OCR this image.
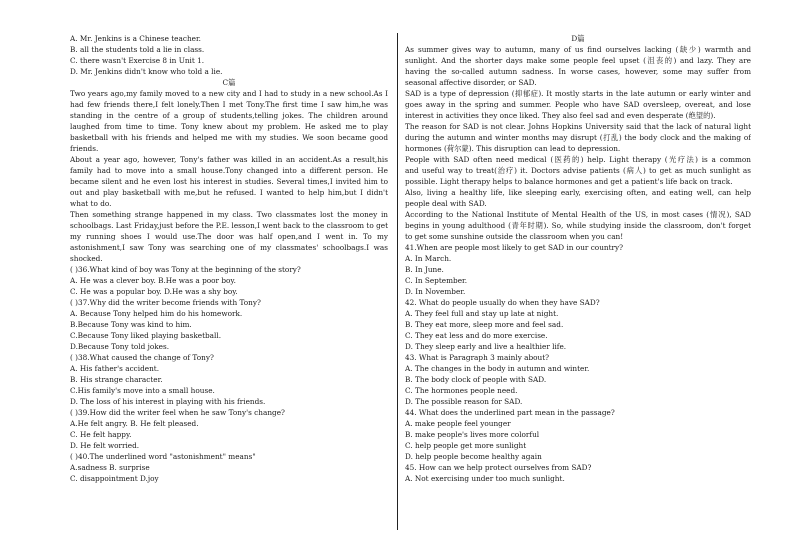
A. Mr. Jenkins is a Chinese teacher.
B. all the students told a lie in class.
C. there wasn't Exercise 8 in Unit 1.
D. Mr. Jenkins didn't know who told a lie.
C篇
Two years ago,my family moved to a new city and I had to study in a new school.As I
had few friends there,I felt lonely.Then I met Tony.The first time I saw him,he was
standing in the centre of a group of students,telling jokes. The children around
laughed from time to time. Tony knew about my problem. He asked me to play
basketball with his friends and helped me with my studies. We soon became good
friends.
About a year ago, however, Tony's father was killed in an accident.As a result,his
family had to move into a small house.Tony changed into a different person. He
became silent and he even lost his interest in studies. Several times,I invited him to
out and play basketball with me,but he refused. I wanted to help him,but I didn't
what to do.
Then something strange happened in my class. Two classmates lost the money in
schoolbags. Last Friday,just before the P.E. lesson,I went back to the classroom to get
my running shoes I would use.The door was half open,and I went in. To my
astonishment,I saw Tony was searching one of my classmates' schoolbags.I was
shocked.
( )36.What kind of boy was Tony at the beginning of the story?
A. He was a clever boy. B.He was a poor boy.
C. He was a popular boy. D.He was a shy boy.
( )37.Why did the writer become friends with Tony?
A. Because Tony helped him do his homework.
B.Because Tony was kind to him.
C.Because Tony liked playing basketball.
D.Because Tony told jokes.
( )38.What caused the change of Tony?
A. His father's accident.
B. His strange character.
C.His family's move into a small house.
D. The loss of his interest in playing with his friends.
( )39.How did the writer feel when he saw Tony's change?
A.He felt angry. B. He felt pleased.
C. He felt happy.
D. He felt worried.
( )40.The underlined word "astonishment" means"
A.sadness B. surprise
C. disappointment D.joy
D篇
As summer gives way to autumn, many of us find ourselves lacking (缺少) warmth and
sunlight. And the shorter days make some people feel upset (沮丧的) and lazy. They are
having the so-called autumn sadness. In worse cases, however, some may suffer from
seasonal affective disorder, or SAD.
SAD is a type of depression (抑郁症). It mostly starts in the late autumn or early winter and
goes away in the spring and summer. People who have SAD oversleep, overeat, and lose
interest in activities they once liked. They also feel sad and even desperate (绝望的).
The reason for SAD is not clear. Johns Hopkins University said that the lack of natural light
during the autumn and winter months may disrupt (打乱) the body clock and the making of
hormones (荷尔蒙). This disruption can lead to depression.
People with SAD often need medical (医药的) help. Light therapy (光疗法) is a common
and useful way to treat(治疗) it. Doctors advise patients (病人) to get as much sunlight as
possible. Light therapy helps to balance hormones and get a patient's life back on track.
Also, living a healthy life, like sleeping early, exercising often, and eating well, can help
people deal with SAD.
According to the National Institute of Mental Health of the US, in most cases (情况), SAD
begins in young adulthood (青年时期). So, while studying inside the classroom, don't forget
to get some sunshine outside the classroom when you can!
41.When are people most likely to get SAD in our country?
A. In March.
B. In June.
C. In September.
D. In November.
42. What do people usually do when they have SAD?
A. They feel full and stay up late at night.
B. They eat more, sleep more and feel sad.
C. They eat less and do more exercise.
D. They sleep early and live a healthier life.
43. What is Paragraph 3 mainly about?
A. The changes in the body in autumn and winter.
B. The body clock of people with SAD.
C. The hormones people need.
D. The possible reason for SAD.
44. What does the underlined part mean in the passage?
A. make people feel younger
B. make people's lives more colorful
C. help people get more sunlight
D. help people become healthy again
45. How can we help protect ourselves from SAD?
A. Not exercising under too much sunlight.
